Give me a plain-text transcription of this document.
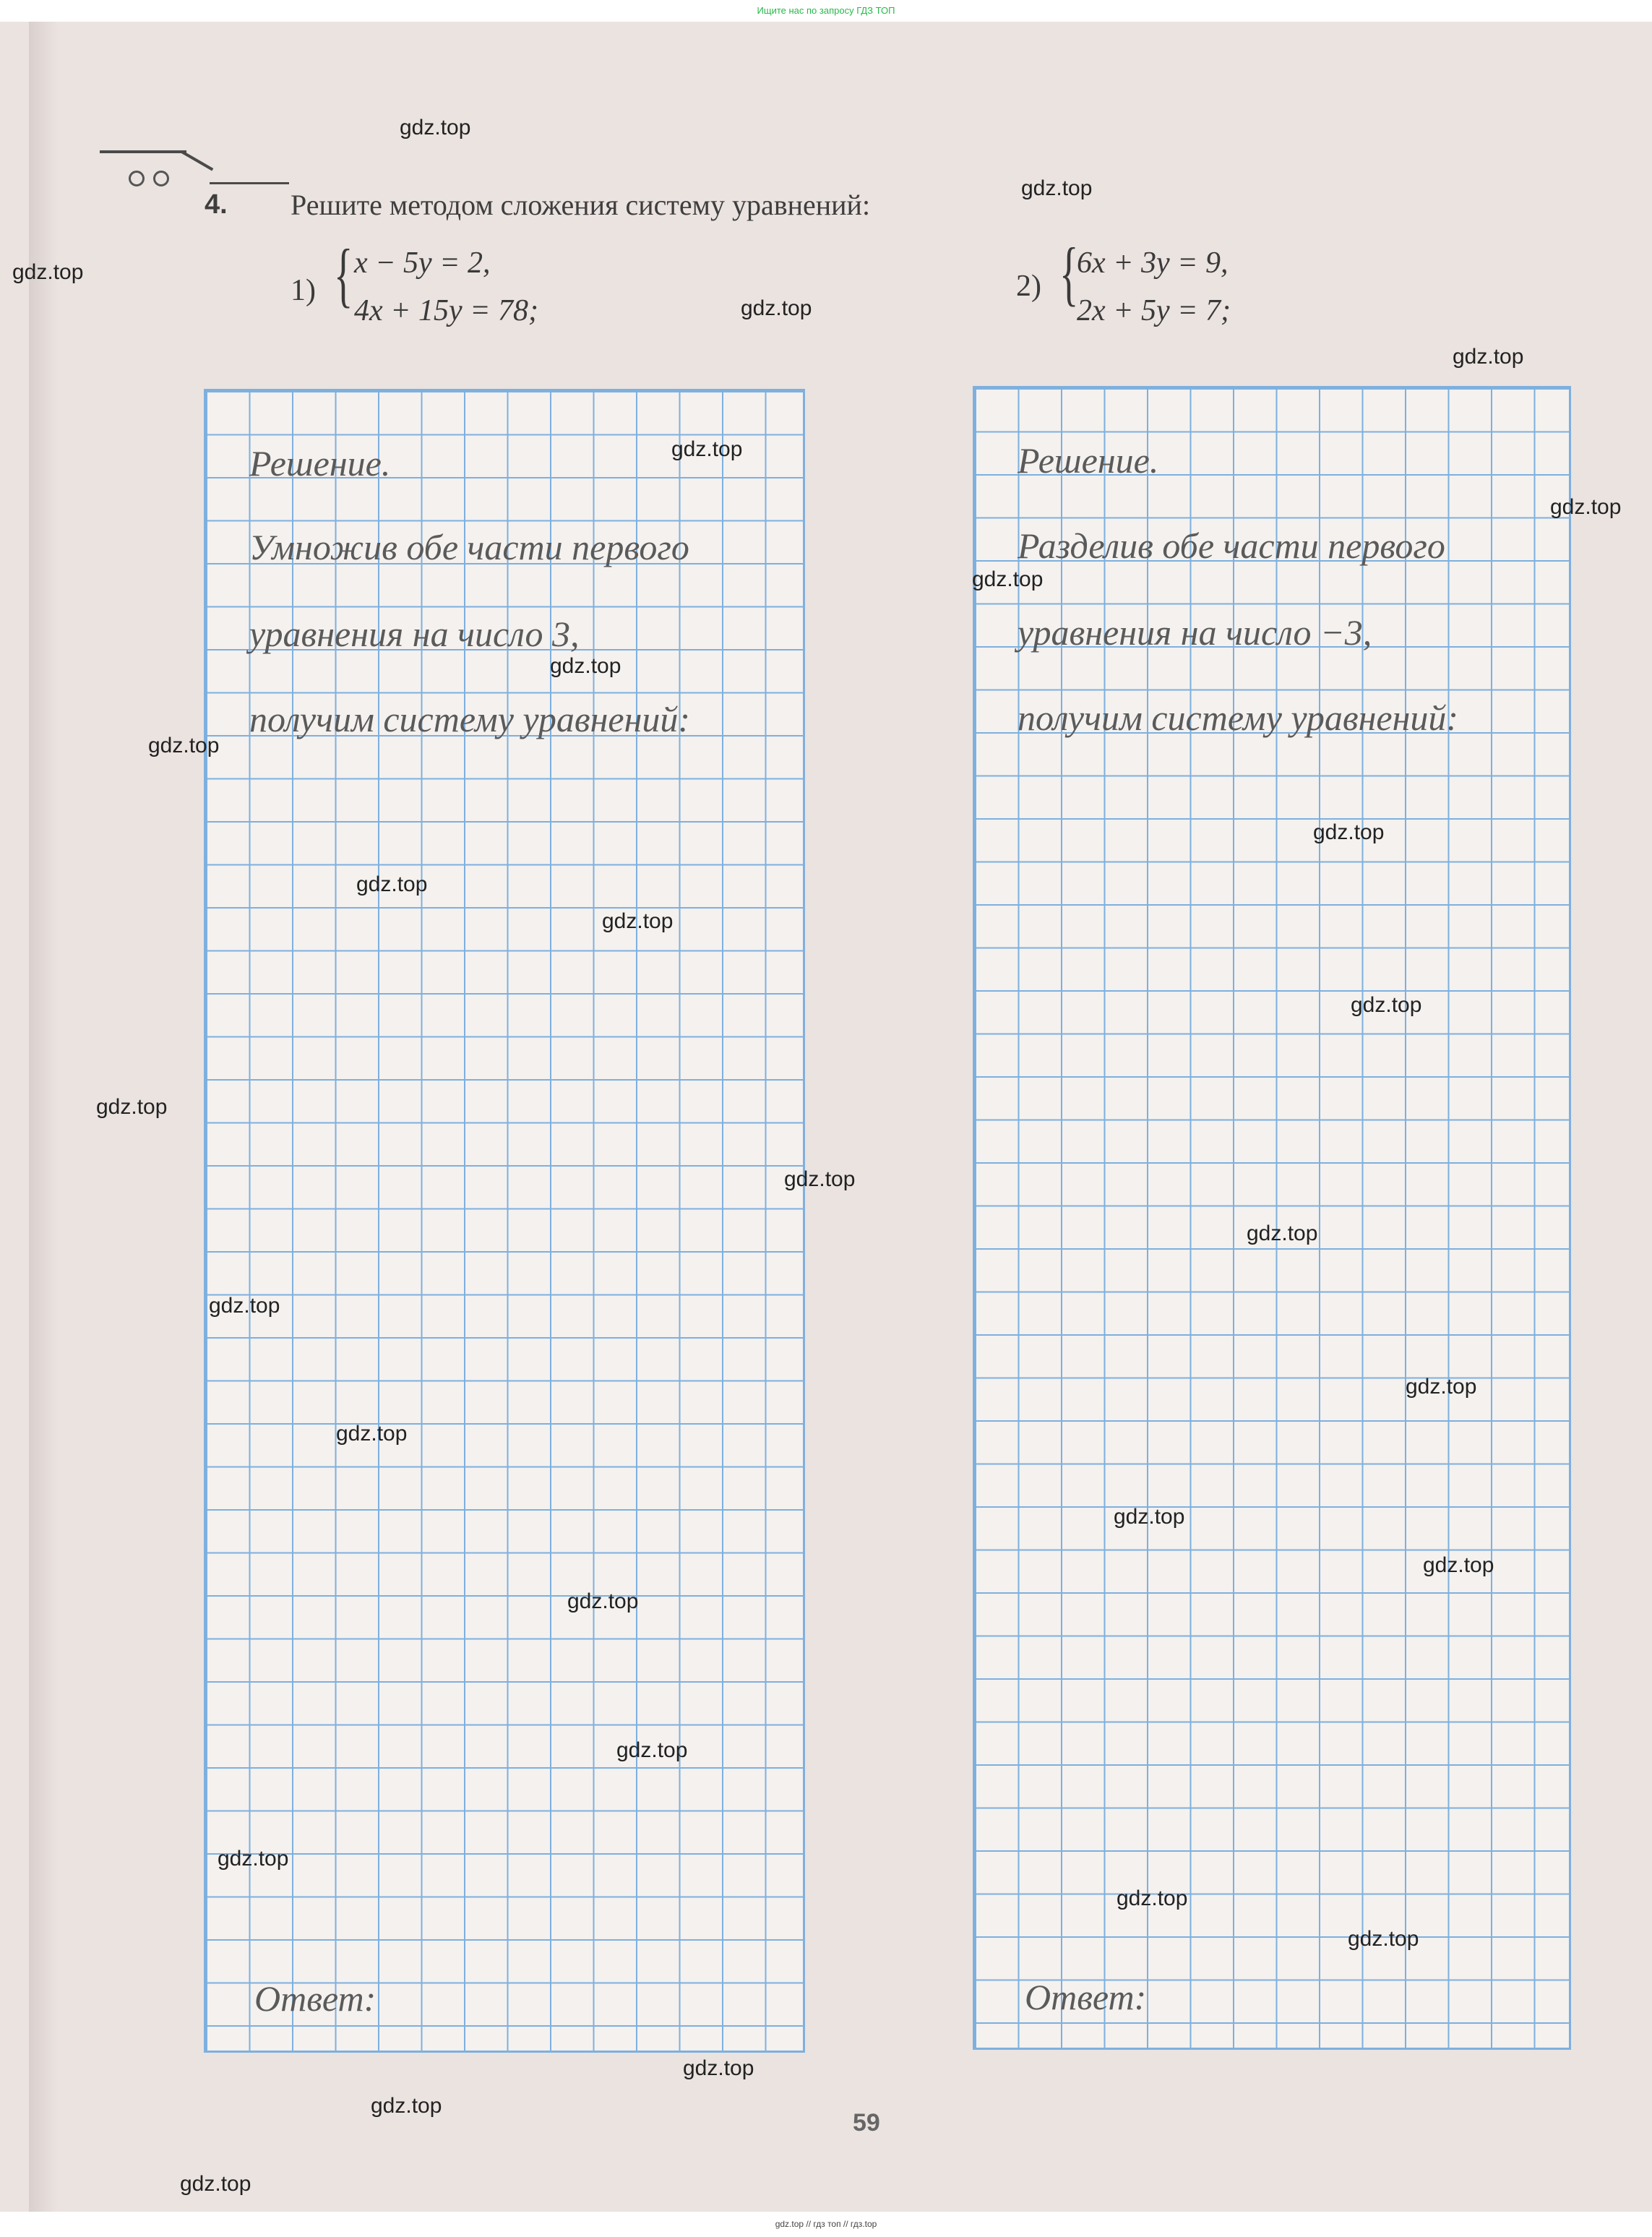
Ищите нас по запросу ГДЗ ТОП
4. Решите методом сложения систему уравнений:
1) { x − 5y = 2,
4x + 15y = 78;
2) {
6x + 3y = 9,
2x + 5y = 7;
Решение.
Умножив обе части первого
уравнения на число 3,
получим систему уравнений:
Ответ:
Решение.
Разделив обе части первого
уравнения на число −3,
получим систему уравнений:
Ответ:
59
gdz.top
gdz.top
gdz.top
gdz.top
gdz.top
gdz.top
gdz.top
gdz.top
gdz.top
gdz.top
gdz.top
gdz.top
gdz.top
gdz.top
gdz.top
gdz.top
gdz.top
gdz.top
gdz.top
gdz.top
gdz.top
gdz.top
gdz.top
gdz.top
gdz.top
gdz.top
gdz.top
gdz.top
gdz.top
gdz.top
gdz.top // гдз топ // гдз.top
